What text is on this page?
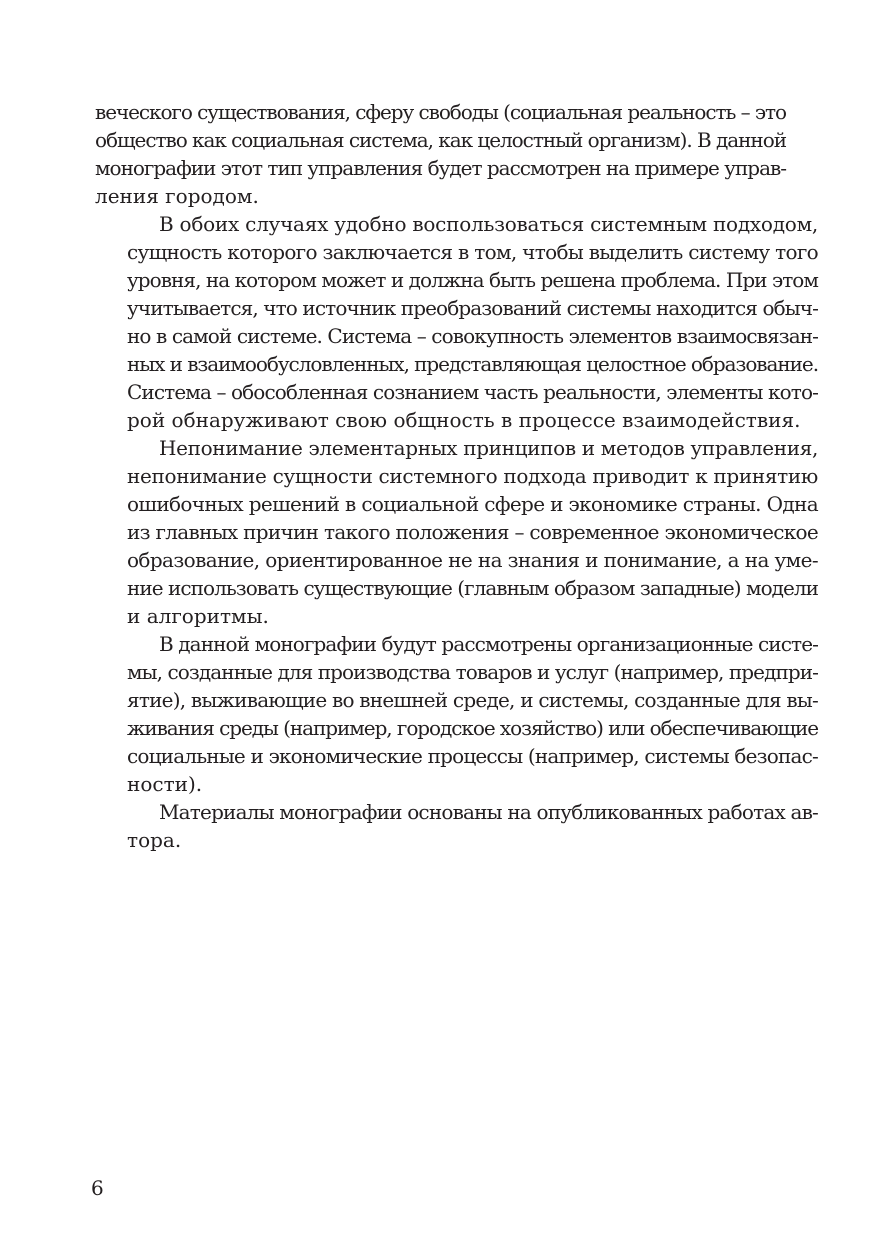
веческого существования, сферу свободы (социальная реальность – это
общество как социальная система, как целостный организм). В данной
монографии этот тип управления будет рассмотрен на примере управ-
ления городом.

В обоих случаях удобно воспользоваться системным подходом,
сущность которого заключается в том, чтобы выделить систему того
уровня, на котором может и должна быть решена проблема. При этом
учитывается, что источник преобразований системы находится обыч-
но в самой системе. Система – совокупность элементов взаимосвязан-
ных и взаимообусловленных, представляющая целостное образование.
Система – обособленная сознанием часть реальности, элементы кото-
рой обнаруживают свою общность в процессе взаимодействия.

Непонимание элементарных принципов и методов управления,
непонимание сущности системного подхода приводит к принятию
ошибочных решений в социальной сфере и экономике страны. Одна
из главных причин такого положения – современное экономическое
образование, ориентированное не на знания и понимание, а на уме-
ние использовать существующие (главным образом западные) модели
и алгоритмы.

В данной монографии будут рассмотрены организационные систе-
мы, созданные для производства товаров и услуг (например, предпри-
ятие), выживающие во внешней среде, и системы, созданные для вы-
живания среды (например, городское хозяйство) или обеспечивающие
социальные и экономические процессы (например, системы безопас-
ности).

Материалы монографии основаны на опубликованных работах ав-
тора.

6
